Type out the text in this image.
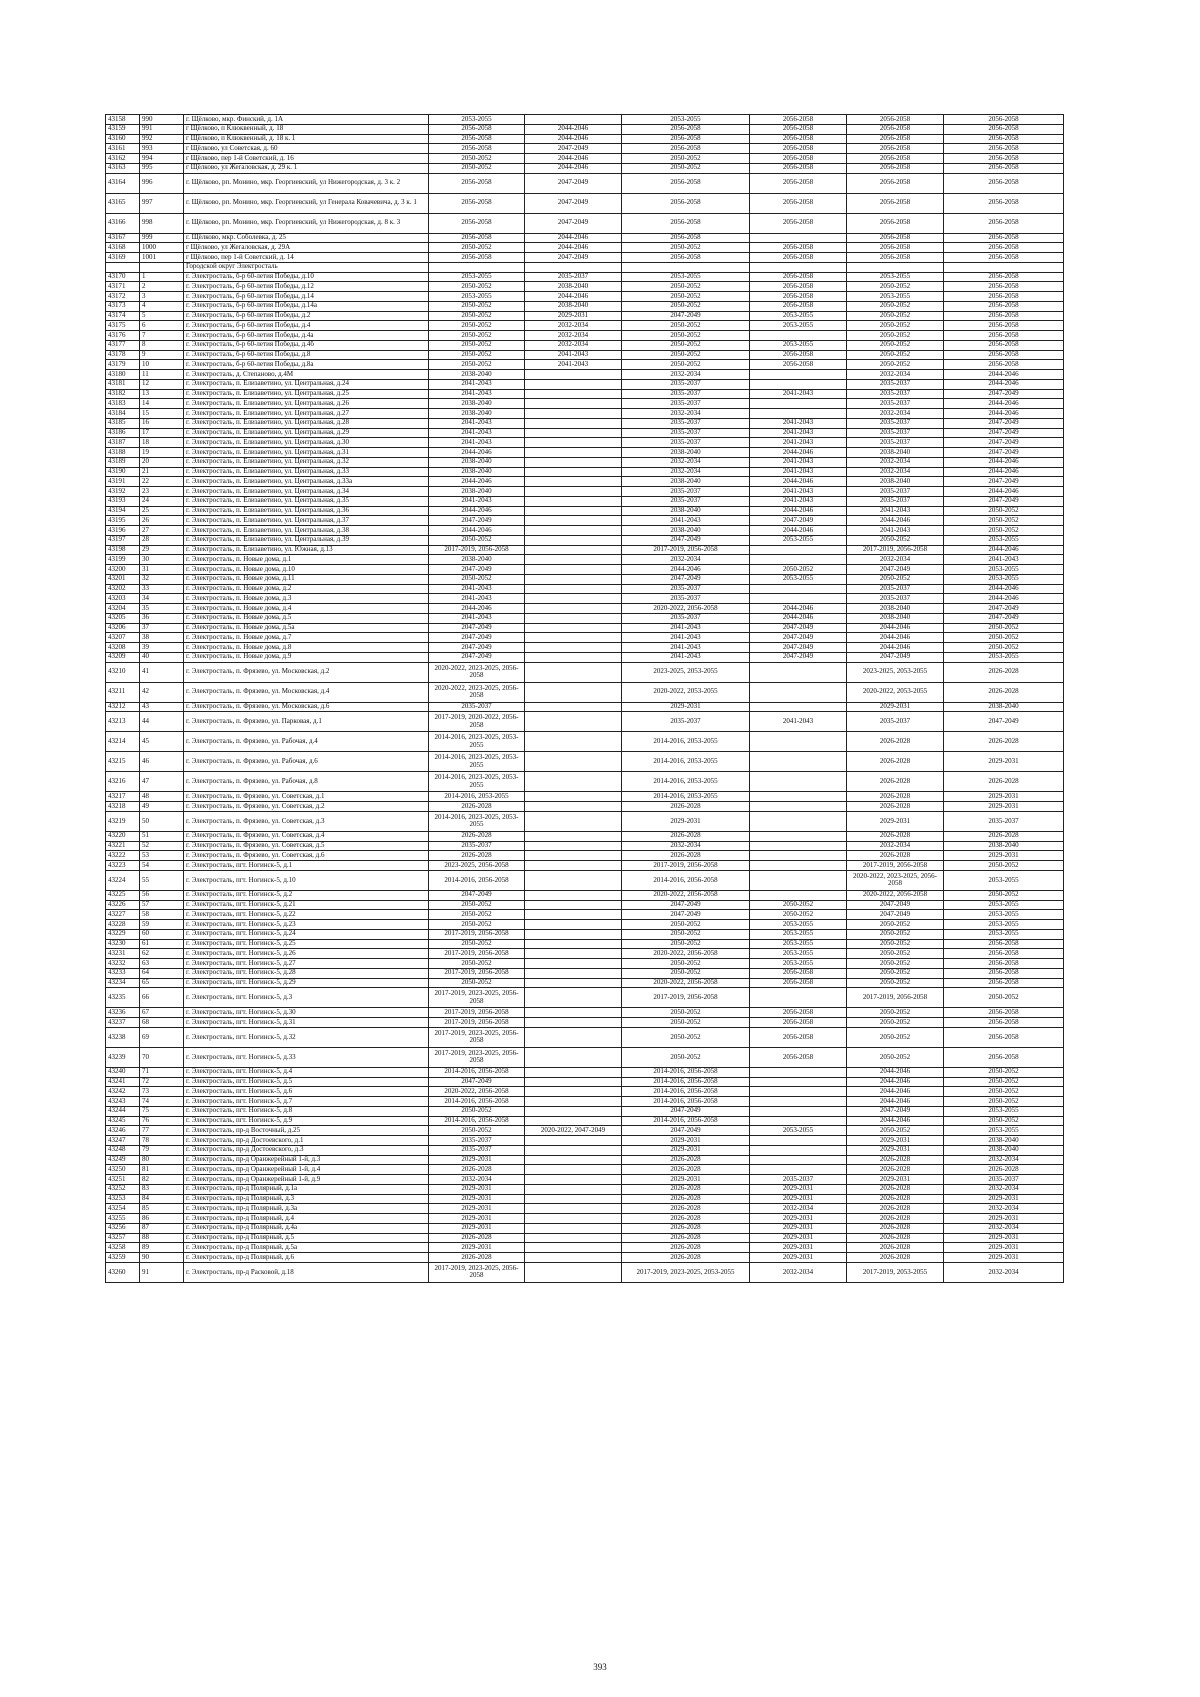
43158	990	г. Щёлково, мкр. Финский, д. 1А	2053-2055		2053-2055	2056-2058	2056-2058	2056-2058
43159	991	г Щёлково, п Клюквенный, д. 18	2056-2058	2044-2046	2056-2058	2056-2058	2056-2058	2056-2058
43160	992	г Щёлково, п Клюквенный, д. 18 к. 1	2056-2058	2044-2046	2056-2058	2056-2058	2056-2058	2056-2058
43161	993	г Щёлково, ул Советская, д. 60	2056-2058	2047-2049	2056-2058	2056-2058	2056-2058	2056-2058
43162	994	г Щёлково, пер 1-й Советский, д. 16	2050-2052	2044-2046	2050-2052	2056-2058	2056-2058	2056-2058
43163	995	г Щёлково, ул Жегаловская, д. 29 к. 1	2050-2052	2044-2046	2050-2052	2056-2058	2056-2058	2056-2058
43164	996	г. Щёлково, рп. Монино, мкр. Георгиевский, ул Нижегородская, д. 3 к. 2	2056-2058	2047-2049	2056-2058	2056-2058	2056-2058	2056-2058
43165	997	г. Щёлково, рп. Монино, мкр. Георгиевский, ул Генерала Ковачевича, д. 3 к. 1	2056-2058	2047-2049	2056-2058	2056-2058	2056-2058	2056-2058
43166	998	г. Щёлково, рп. Монино, мкр. Георгиевский, ул Нижегородская, д. 8 к. 3	2056-2058	2047-2049	2056-2058	2056-2058	2056-2058	2056-2058
43167	999	г. Щёлково, мкр. Соболевка, д. 25	2056-2058	2044-2046	2056-2058		2056-2058	2056-2058
43168	1000	г Щёлково, ул Жегаловская, д. 29А	2050-2052	2044-2046	2050-2052	2056-2058	2056-2058	2056-2058
43169	1001	г Щёлково, пер 1-й Советский, д. 14	2056-2058	2047-2049	2056-2058	2056-2058	2056-2058	2056-2058
		Городской округ Электросталь						
43170	1	г. Электросталь, б-р 60-летия Победы, д.10	2053-2055	2035-2037	2053-2055	2056-2058	2053-2055	2056-2058
43171	2	г. Электросталь, б-р 60-летия Победы, д.12	2050-2052	2038-2040	2050-2052	2056-2058	2050-2052	2056-2058
43172	3	г. Электросталь, б-р 60-летия Победы, д.14	2053-2055	2044-2046	2050-2052	2056-2058	2053-2055	2056-2058
43173	4	г. Электросталь, б-р 60-летия Победы, д.14а	2050-2052	2038-2040	2050-2052	2056-2058	2050-2052	2056-2058
43174	5	г. Электросталь, б-р 60-летия Победы, д.2	2050-2052	2029-2031	2047-2049	2053-2055	2050-2052	2056-2058
43175	6	г. Электросталь, б-р 60-летия Победы, д.4	2050-2052	2032-2034	2050-2052	2053-2055	2050-2052	2056-2058
43176	7	г. Электросталь, б-р 60-летия Победы, д.4а	2050-2052	2032-2034	2050-2052		2050-2052	2056-2058
43177	8	г. Электросталь, б-р 60-летия Победы, д.4б	2050-2052	2032-2034	2050-2052	2053-2055	2050-2052	2056-2058
43178	9	г. Электросталь, б-р 60-летия Победы, д.8	2050-2052	2041-2043	2050-2052	2056-2058	2050-2052	2056-2058
43179	10	г. Электросталь, б-р 60-летия Победы, д.8а	2050-2052	2041-2043	2050-2052	2056-2058	2050-2052	2056-2058
43180	11	г. Электросталь, д. Степаново, д.4М	2038-2040		2032-2034		2032-2034	2044-2046
43181	12	г. Электросталь, п. Елизаветино, ул. Центральная, д.24	2041-2043		2035-2037		2035-2037	2044-2046
43182	13	г. Электросталь, п. Елизаветино, ул. Центральная, д.25	2041-2043		2035-2037	2041-2043	2035-2037	2047-2049
43183	14	г. Электросталь, п. Елизаветино, ул. Центральная, д.26	2038-2040		2035-2037		2035-2037	2044-2046
43184	15	г. Электросталь, п. Елизаветино, ул. Центральная, д.27	2038-2040		2032-2034		2032-2034	2044-2046
43185	16	г. Электросталь, п. Елизаветино, ул. Центральная, д.28	2041-2043		2035-2037	2041-2043	2035-2037	2047-2049
43186	17	г. Электросталь, п. Елизаветино, ул. Центральная, д.29	2041-2043		2035-2037	2041-2043	2035-2037	2047-2049
43187	18	г. Электросталь, п. Елизаветино, ул. Центральная, д.30	2041-2043		2035-2037	2041-2043	2035-2037	2047-2049
43188	19	г. Электросталь, п. Елизаветино, ул. Центральная, д.31	2044-2046		2038-2040	2044-2046	2038-2040	2047-2049
43189	20	г. Электросталь, п. Елизаветино, ул. Центральная, д.32	2038-2040		2032-2034	2041-2043	2032-2034	2044-2046
43190	21	г. Электросталь, п. Елизаветино, ул. Центральная, д.33	2038-2040		2032-2034	2041-2043	2032-2034	2044-2046
43191	22	г. Электросталь, п. Елизаветино, ул. Центральная, д.33а	2044-2046		2038-2040	2044-2046	2038-2040	2047-2049
43192	23	г. Электросталь, п. Елизаветино, ул. Центральная, д.34	2038-2040		2035-2037	2041-2043	2035-2037	2044-2046
43193	24	г. Электросталь, п. Елизаветино, ул. Центральная, д.35	2041-2043		2035-2037	2041-2043	2035-2037	2047-2049
43194	25	г. Электросталь, п. Елизаветино, ул. Центральная, д.36	2044-2046		2038-2040	2044-2046	2041-2043	2050-2052
43195	26	г. Электросталь, п. Елизаветино, ул. Центральная, д.37	2047-2049		2041-2043	2047-2049	2044-2046	2050-2052
43196	27	г. Электросталь, п. Елизаветино, ул. Центральная, д.38	2044-2046		2038-2040	2044-2046	2041-2043	2050-2052
43197	28	г. Электросталь, п. Елизаветино, ул. Центральная, д.39	2050-2052		2047-2049	2053-2055	2050-2052	2053-2055
43198	29	г. Электросталь, п. Елизаветино, ул. Южная, д.13	2017-2019, 2056-2058		2017-2019, 2056-2058		2017-2019, 2056-2058	2044-2046
43199	30	г. Электросталь, п. Новые дома, д.1	2038-2040		2032-2034		2032-2034	2041-2043
43200	31	г. Электросталь, п. Новые дома, д.10	2047-2049		2044-2046	2050-2052	2047-2049	2053-2055
43201	32	г. Электросталь, п. Новые дома, д.11	2050-2052		2047-2049	2053-2055	2050-2052	2053-2055
43202	33	г. Электросталь, п. Новые дома, д.2	2041-2043		2035-2037		2035-2037	2044-2046
43203	34	г. Электросталь, п. Новые дома, д.3	2041-2043		2035-2037		2035-2037	2044-2046
43204	35	г. Электросталь, п. Новые дома, д.4	2044-2046		2020-2022, 2056-2058	2044-2046	2038-2040	2047-2049
43205	36	г. Электросталь, п. Новые дома, д.5	2041-2043		2035-2037	2044-2046	2038-2040	2047-2049
43206	37	г. Электросталь, п. Новые дома, д.5а	2047-2049		2041-2043	2047-2049	2044-2046	2050-2052
43207	38	г. Электросталь, п. Новые дома, д.7	2047-2049		2041-2043	2047-2049	2044-2046	2050-2052
43208	39	г. Электросталь, п. Новые дома, д.8	2047-2049		2041-2043	2047-2049	2044-2046	2050-2052
43209	40	г. Электросталь, п. Новые дома, д.9	2047-2049		2041-2043	2047-2049	2047-2049	2053-2055
43210	41	г. Электросталь, п. Фрязево, ул. Московская, д.2	2020-2022, 2023-2025, 2056-2058		2023-2025, 2053-2055		2023-2025, 2053-2055	2026-2028
43211	42	г. Электросталь, п. Фрязево, ул. Московская, д.4	2020-2022, 2023-2025, 2056-2058		2020-2022, 2053-2055		2020-2022, 2053-2055	2026-2028
43212	43	г. Электросталь, п. Фрязево, ул. Московская, д.6	2035-2037		2029-2031		2029-2031	2038-2040
43213	44	г. Электросталь, п. Фрязево, ул. Парковая, д.1	2017-2019, 2020-2022, 2056-2058		2035-2037	2041-2043	2035-2037	2047-2049
43214	45	г. Электросталь, п. Фрязево, ул. Рабочая, д.4	2014-2016, 2023-2025, 2053-2055		2014-2016, 2053-2055		2026-2028	2026-2028
43215	46	г. Электросталь, п. Фрязево, ул. Рабочая, д.6	2014-2016, 2023-2025, 2053-2055		2014-2016, 2053-2055		2026-2028	2029-2031
43216	47	г. Электросталь, п. Фрязево, ул. Рабочая, д.8	2014-2016, 2023-2025, 2053-2055		2014-2016, 2053-2055		2026-2028	2026-2028
43217	48	г. Электросталь, п. Фрязево, ул. Советская, д.1	2014-2016, 2053-2055		2014-2016, 2053-2055		2026-2028	2029-2031
43218	49	г. Электросталь, п. Фрязево, ул. Советская, д.2	2026-2028		2026-2028		2026-2028	2029-2031
43219	50	г. Электросталь, п. Фрязево, ул. Советская, д.3	2014-2016, 2023-2025, 2053-2055		2029-2031		2029-2031	2035-2037
43220	51	г. Электросталь, п. Фрязево, ул. Советская, д.4	2026-2028		2026-2028		2026-2028	2026-2028
43221	52	г. Электросталь, п. Фрязево, ул. Советская, д.5	2035-2037		2032-2034		2032-2034	2038-2040
43222	53	г. Электросталь, п. Фрязево, ул. Советская, д.6	2026-2028		2026-2028		2026-2028	2029-2031
43223	54	г. Электросталь, пгт. Ногинск-5, д.1	2023-2025, 2056-2058		2017-2019, 2056-2058		2017-2019, 2056-2058	2050-2052
43224	55	г. Электросталь, пгт. Ногинск-5, д.10	2014-2016, 2056-2058		2014-2016, 2056-2058		2020-2022, 2023-2025, 2056-2058	2053-2055
43225	56	г. Электросталь, пгт. Ногинск-5, д.2	2047-2049		2020-2022, 2056-2058		2020-2022, 2056-2058	2050-2052
43226	57	г. Электросталь, пгт. Ногинск-5, д.21	2050-2052		2047-2049	2050-2052	2047-2049	2053-2055
43227	58	г. Электросталь, пгт. Ногинск-5, д.22	2050-2052		2047-2049	2050-2052	2047-2049	2053-2055
43228	59	г. Электросталь, пгт. Ногинск-5, д.23	2050-2052		2050-2052	2053-2055	2050-2052	2053-2055
43229	60	г. Электросталь, пгт. Ногинск-5, д.24	2017-2019, 2056-2058		2050-2052	2053-2055	2050-2052	2053-2055
43230	61	г. Электросталь, пгт. Ногинск-5, д.25	2050-2052		2050-2052	2053-2055	2050-2052	2056-2058
43231	62	г. Электросталь, пгт. Ногинск-5, д.26	2017-2019, 2056-2058		2020-2022, 2056-2058	2053-2055	2050-2052	2056-2058
43232	63	г. Электросталь, пгт. Ногинск-5, д.27	2050-2052		2050-2052	2053-2055	2050-2052	2056-2058
43233	64	г. Электросталь, пгт. Ногинск-5, д.28	2017-2019, 2056-2058		2050-2052	2056-2058	2050-2052	2056-2058
43234	65	г. Электросталь, пгт. Ногинск-5, д.29	2050-2052		2020-2022, 2056-2058	2056-2058	2050-2052	2056-2058
43235	66	г. Электросталь, пгт. Ногинск-5, д.3	2017-2019, 2023-2025, 2056-2058		2017-2019, 2056-2058		2017-2019, 2056-2058	2050-2052
43236	67	г. Электросталь, пгт. Ногинск-5, д.30	2017-2019, 2056-2058		2050-2052	2056-2058	2050-2052	2056-2058
43237	68	г. Электросталь, пгт. Ногинск-5, д.31	2017-2019, 2056-2058		2050-2052	2056-2058	2050-2052	2056-2058
43238	69	г. Электросталь, пгт. Ногинск-5, д.32	2017-2019, 2023-2025, 2056-2058		2050-2052	2056-2058	2050-2052	2056-2058
43239	70	г. Электросталь, пгт. Ногинск-5, д.33	2017-2019, 2023-2025, 2056-2058		2050-2052	2056-2058	2050-2052	2056-2058
43240	71	г. Электросталь, пгт. Ногинск-5, д.4	2014-2016, 2056-2058		2014-2016, 2056-2058		2044-2046	2050-2052
43241	72	г. Электросталь, пгт. Ногинск-5, д.5	2047-2049		2014-2016, 2056-2058		2044-2046	2050-2052
43242	73	г. Электросталь, пгт. Ногинск-5, д.6	2020-2022, 2056-2058		2014-2016, 2056-2058		2044-2046	2050-2052
43243	74	г. Электросталь, пгт. Ногинск-5, д.7	2014-2016, 2056-2058		2014-2016, 2056-2058		2044-2046	2050-2052
43244	75	г. Электросталь, пгт. Ногинск-5, д.8	2050-2052		2047-2049		2047-2049	2053-2055
43245	76	г. Электросталь, пгт. Ногинск-5, д.9	2014-2016, 2056-2058		2014-2016, 2056-2058		2044-2046	2050-2052
43246	77	г. Электросталь, пр-д Восточный, д.25	2050-2052	2020-2022, 2047-2049	2047-2049	2053-2055	2050-2052	2053-2055
43247	78	г. Электросталь, пр-д Достоевского, д.1	2035-2037		2029-2031		2029-2031	2038-2040
43248	79	г. Электросталь, пр-д Достоевского, д.3	2035-2037		2029-2031		2029-2031	2038-2040
43249	80	г. Электросталь, пр-д Оранжерейный 1-й, д.3	2029-2031		2026-2028		2026-2028	2032-2034
43250	81	г. Электросталь, пр-д Оранжерейный 1-й, д.4	2026-2028		2026-2028		2026-2028	2026-2028
43251	82	г. Электросталь, пр-д Оранжерейный 1-й, д.9	2032-2034		2029-2031	2035-2037	2029-2031	2035-2037
43252	83	г. Электросталь, пр-д Полярный, д.1а	2029-2031		2026-2028	2029-2031	2026-2028	2032-2034
43253	84	г. Электросталь, пр-д Полярный, д.3	2029-2031		2026-2028	2029-2031	2026-2028	2029-2031
43254	85	г. Электросталь, пр-д Полярный, д.3а	2029-2031		2026-2028	2032-2034	2026-2028	2032-2034
43255	86	г. Электросталь, пр-д Полярный, д.4	2029-2031		2026-2028	2029-2031	2026-2028	2029-2031
43256	87	г. Электросталь, пр-д Полярный, д.4а	2029-2031		2026-2028	2029-2031	2026-2028	2032-2034
43257	88	г. Электросталь, пр-д Полярный, д.5	2026-2028		2026-2028	2029-2031	2026-2028	2029-2031
43258	89	г. Электросталь, пр-д Полярный, д.5а	2029-2031		2026-2028	2029-2031	2026-2028	2029-2031
43259	90	г. Электросталь, пр-д Полярный, д.6	2026-2028		2026-2028	2029-2031	2026-2028	2029-2031
43260	91	г. Электросталь, пр-д Расковой, д.18	2017-2019, 2023-2025, 2056-2058		2017-2019, 2023-2025, 2053-2055	2032-2034	2017-2019, 2053-2055	2032-2034
393
